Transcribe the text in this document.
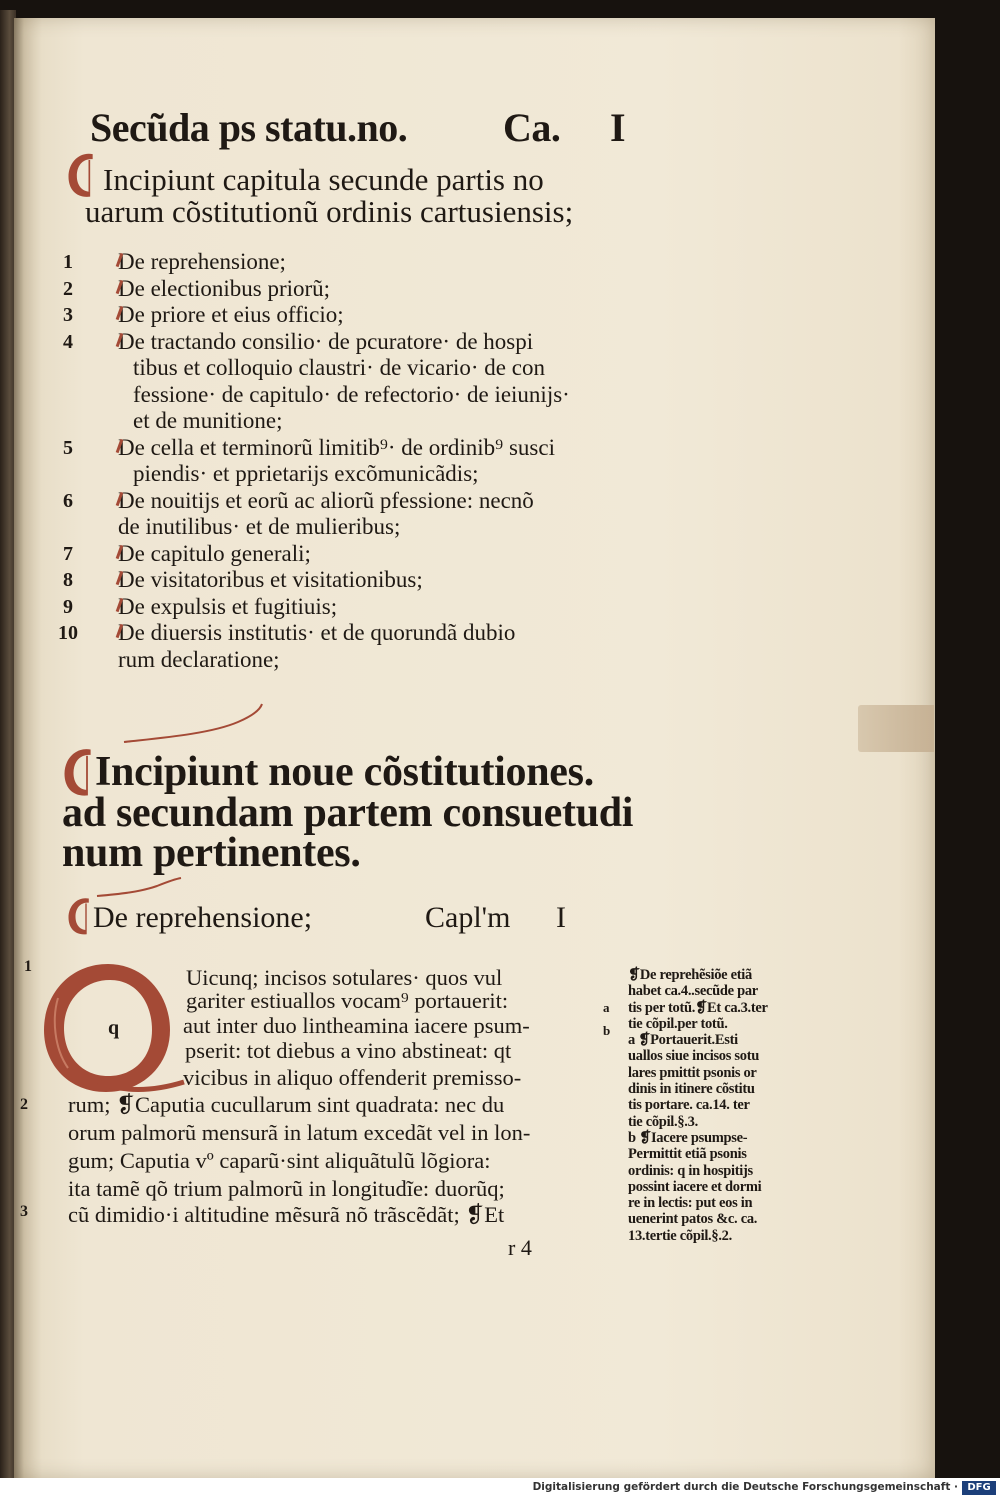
Secũda ps statu.no. Ca. I
Incipiunt capitula secunde partis no
uarum cõstitutionũ ordinis cartusiensis;
1	De reprehensione;
2	De electionibus priorũ;
3	De priore et eius officio;
4	De tractando consilio· de pcuratore· de hospi
tibus et colloquio claustri· de vicario· de con
fessione· de capitulo· de refectorio· de ieiunijs·
et de munitione;
5	De cella et terminorũ limitib⁹· de ordinib⁹ susci
piendis· et pprietarijs excõmunicãdis;
6	De nouitijs et eorũ ac aliorũ pfessione: necnõ
de inutilibus· et de mulieribus;
7	De capitulo generali;
8	De visitatoribus et visitationibus;
9	De expulsis et fugitiuis;
10	De diuersis institutis· et de quorundã dubio
rum declaratione;
Incipiunt noue cõstitutiones.
ad secundam partem consuetudi
num pertinentes.
De reprehensione;	Capl'm I
q
1
2
3
Uicunq; incisos sotulares· quos vul
gariter estiuallos vocam⁹ portauerit:
aut inter duo lintheamina iacere psum-
pserit: tot diebus a vino abstineat: qt
vicibus in aliquo offenderit premisso-
rum; ❡Caputia cucullarum sint quadrata: nec du
orum palmorũ mensurã in latum excedãt vel in lon-
gum; Caputia vº caparũ·sint aliquãtulũ lõgiora:
ita tamẽ qõ trium palmorũ in longitudĩe: duorũq;
cũ dimidio·i altitudine mẽsurã nõ trãscẽdãt; ❡Et
a
b
❡De reprehẽsiõe etiã
habet ca.4..secũde par
tis per totũ.❡Et ca.3.ter
tie cõpil.per totũ.
a ❡Portauerit.Esti
uallos siue incisos sotu
lares pmittit psonis or
dinis in itinere cõstitu
tis portare. ca.14. ter
tie cõpil.§.3.
b ❡Iacere psumpse-
Permittit etiã psonis
ordinis: q in hospitijs
possint iacere et dormi
re in lectis: put eos in
uenerint patos &c. ca.
13.tertie cõpil.§.2.
r 4
Digitalisierung gefördert durch die Deutsche Forschungsgemeinschaft · DFG
